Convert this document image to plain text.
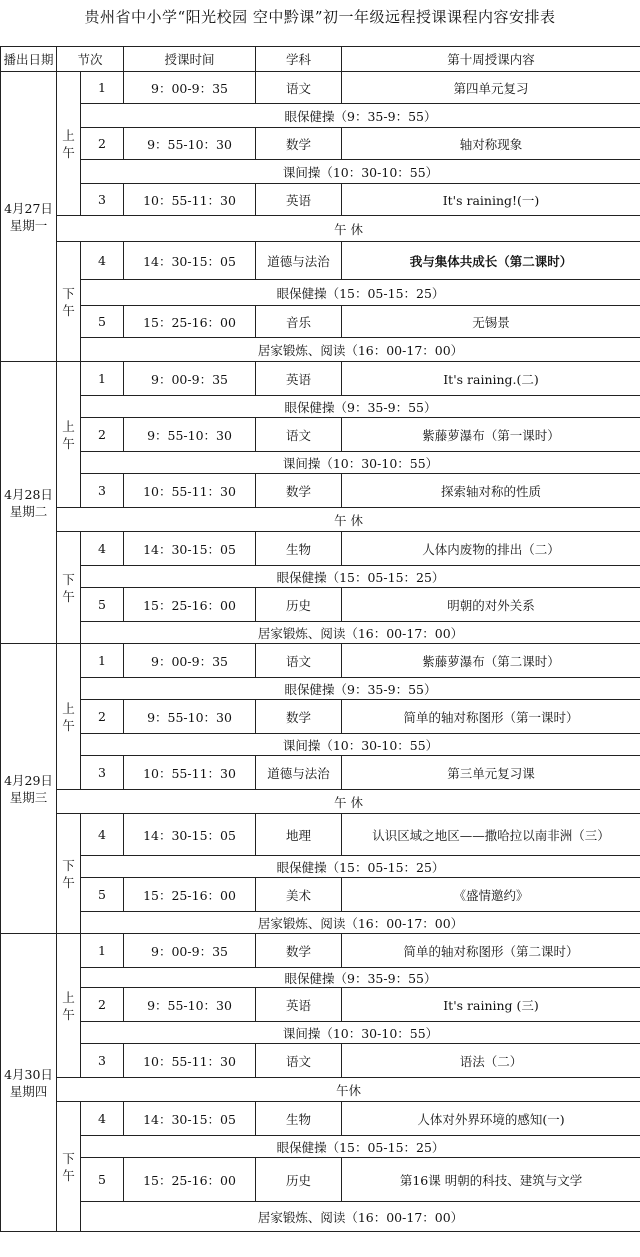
贵州省中小学“阳光校园 空中黔课”初一年级远程授课课程内容安排表
播出日期	节次		授课时间	学科	第十周授课内容
4月27日
星期一	上午	1	9：00-9：35	语文	第四单元复习
		眼保健操（9：35-9：55）			
		2	9：55-10：30	数学	轴对称现象
		课间操（10：30-10：55）			
		3	10：55-11：30	英语	It's raining!(一)
	午 休				
	下午	4	14：30-15：05	道德与法治	我与集体共成长（第二课时）
		眼保健操（15：05-15：25）			
		5	15：25-16：00	音乐	无锡景
		居家锻炼、阅读（16：00-17：00）			
4月28日
星期二	上午	1	9：00-9：35	英语	It's raining.(二)
		眼保健操（9：35-9：55）			
		2	9：55-10：30	语文	紫藤萝瀑布（第一课时）
		课间操（10：30-10：55）			
		3	10：55-11：30	数学	探索轴对称的性质
	午 休				
	下午	4	14：30-15：05	生物	人体内废物的排出（二）
		眼保健操（15：05-15：25）			
		5	15：25-16：00	历史	明朝的对外关系
		居家锻炼、阅读（16：00-17：00）			
4月29日
星期三	上午	1	9：00-9：35	语文	紫藤萝瀑布（第二课时）
		眼保健操（9：35-9：55）			
		2	9：55-10：30	数学	简单的轴对称图形（第一课时）
		课间操（10：30-10：55）			
		3	10：55-11：30	道德与法治	第三单元复习课
	午 休				
	下午	4	14：30-15：05	地理	认识区域之地区——撒哈拉以南非洲（三）
		眼保健操（15：05-15：25）			
		5	15：25-16：00	美术	《盛情邀约》
		居家锻炼、阅读（16：00-17：00）			
4月30日
星期四	上午	1	9：00-9：35	数学	简单的轴对称图形（第二课时）
		眼保健操（9：35-9：55）			
		2	9：55-10：30	英语	It's raining (三)
		课间操（10：30-10：55）			
		3	10：55-11：30	语文	语法（二）
	午休				
	下午	4	14：30-15：05	生物	人体对外界环境的感知(一)
		眼保健操（15：05-15：25）			
		5	15：25-16：00	历史	第16课 明朝的科技、建筑与文学
		居家锻炼、阅读（16：00-17：00）			
